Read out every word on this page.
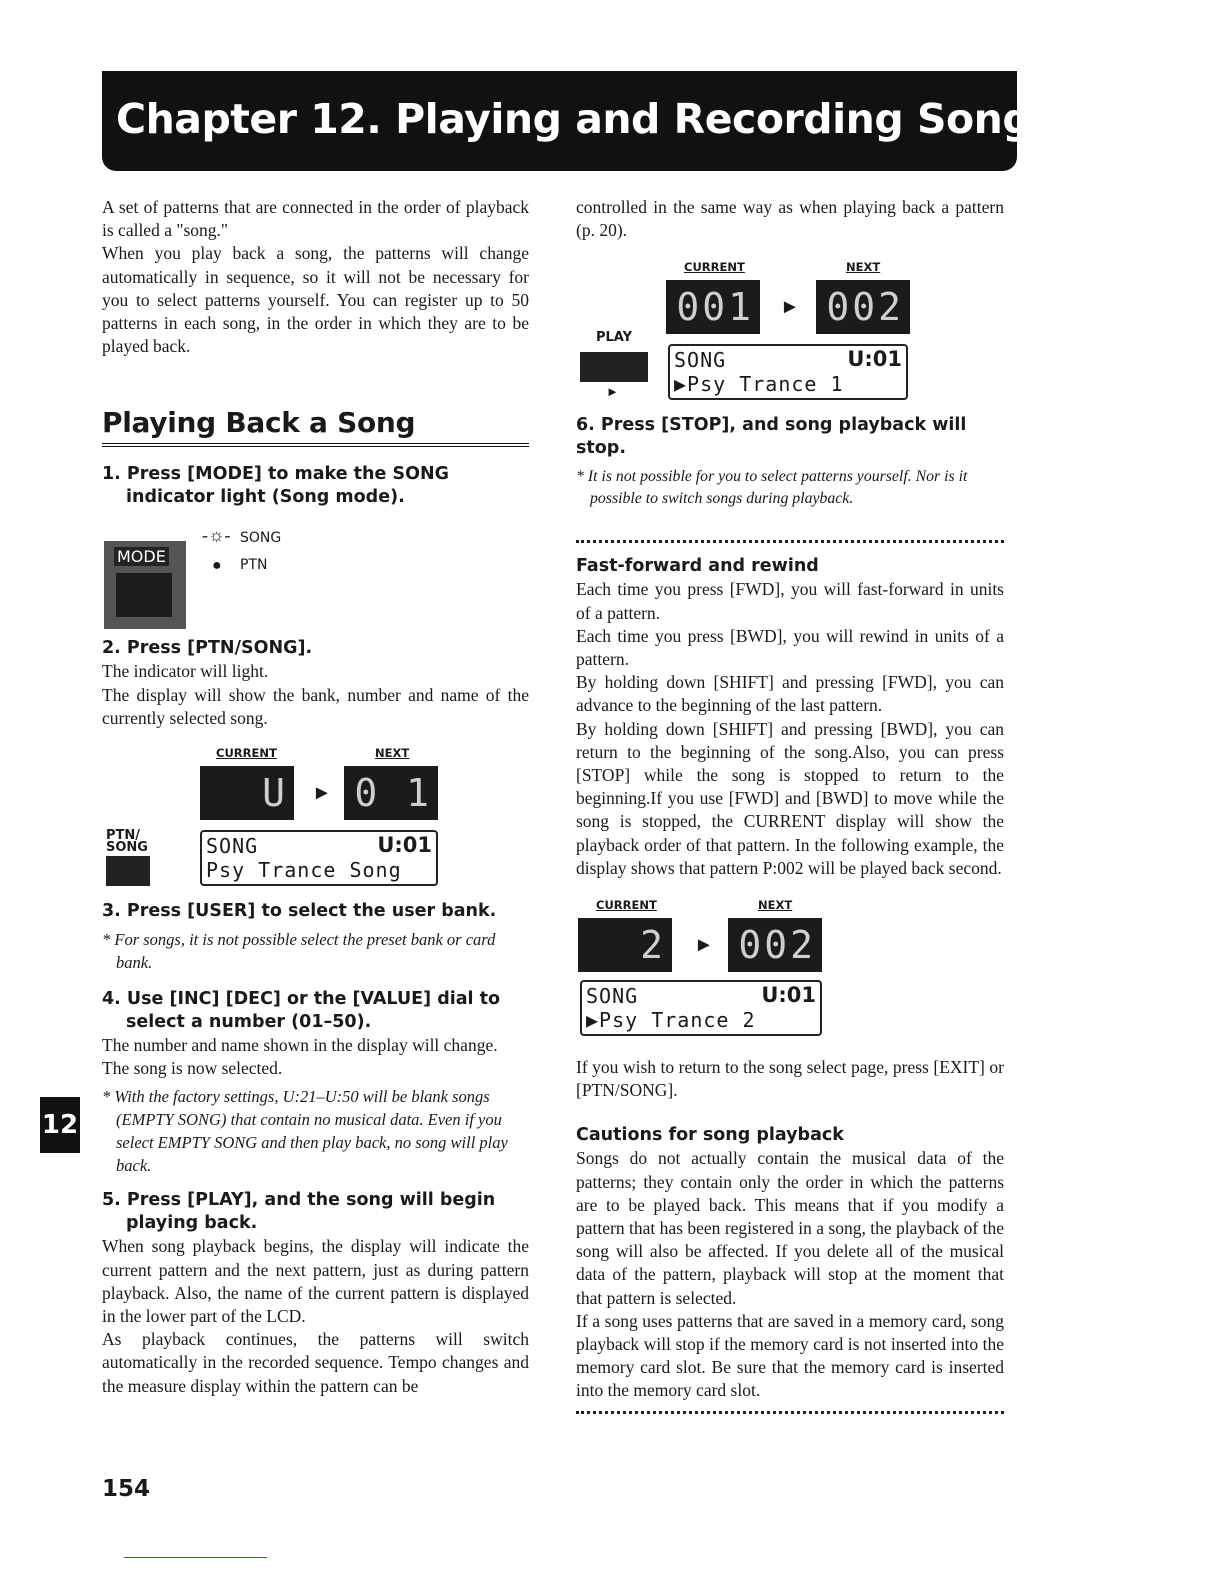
Chapter 12. Playing and Recording Songs

A set of patterns that are connected in the order of playback is called a "song."

When you play back a song, the patterns will change automatically in sequence, so it will not be necessary for you to select patterns yourself. You can register up to 50 patterns in each song, in the order in which they are to be played back.

Playing Back a Song
1. Press [MODE] to make the SONG indicator light (Song mode).
MODE
-☼- SONG
● PTN
2. Press [PTN/SONG].

The indicator will light.

The display will show the bank, number and name of the currently selected song.

CURRENT	NEXT
U	► 0 1
PTN/ SONG	SONG	U:01
Psy Trance Song
3. Press [USER] to select the user bank.
* For songs, it is not possible select the preset bank or card bank.
4. Use [INC] [DEC] or the [VALUE] dial to select a number (01–50).

The number and name shown in the display will change.

The song is now selected.

* With the factory settings, U:21–U:50 will be blank songs (EMPTY SONG) that contain no musical data. Even if you select EMPTY SONG and then play back, no song will play back.
5. Press [PLAY], and the song will begin playing back.

When song playback begins, the display will indicate the current pattern and the next pattern, just as during pattern playback. Also, the name of the current pattern is displayed in the lower part of the LCD.

As playback continues, the patterns will switch automatically in the recorded sequence. Tempo changes and the measure display within the pattern can be

controlled in the same way as when playing back a pattern (p. 20).

CURRENT	NEXT
001	► 002
PLAY
►
SONG	U:01
▶Psy Trance 1
6. Press [STOP], and song playback will stop.
* It is not possible for you to select patterns yourself. Nor is it possible to switch songs during playback.
Fast-forward and rewind

Each time you press [FWD], you will fast-forward in units of a pattern.

Each time you press [BWD], you will rewind in units of a pattern.

By holding down [SHIFT] and pressing [FWD], you can advance to the beginning of the last pattern.

By holding down [SHIFT] and pressing [BWD], you can return to the beginning of the song.Also, you can press [STOP] while the song is stopped to return to the beginning.If you use [FWD] and [BWD] to move while the song is stopped, the CURRENT display will show the playback order of that pattern. In the following example, the display shows that pattern P:002 will be played back second.

CURRENT	NEXT
2	► 002
SONG	U:01
▶Psy Trance 2

If you wish to return to the song select page, press [EXIT] or [PTN/SONG].

Cautions for song playback

Songs do not actually contain the musical data of the patterns; they contain only the order in which the patterns are to be played back. This means that if you modify a pattern that has been registered in a song, the playback of the song will also be affected. If you delete all of the musical data of the pattern, playback will stop at the moment that that pattern is selected.

If a song uses patterns that are saved in a memory card, song playback will stop if the memory card is not inserted into the memory card slot. Be sure that the memory card is inserted into the memory card slot.

12
154
